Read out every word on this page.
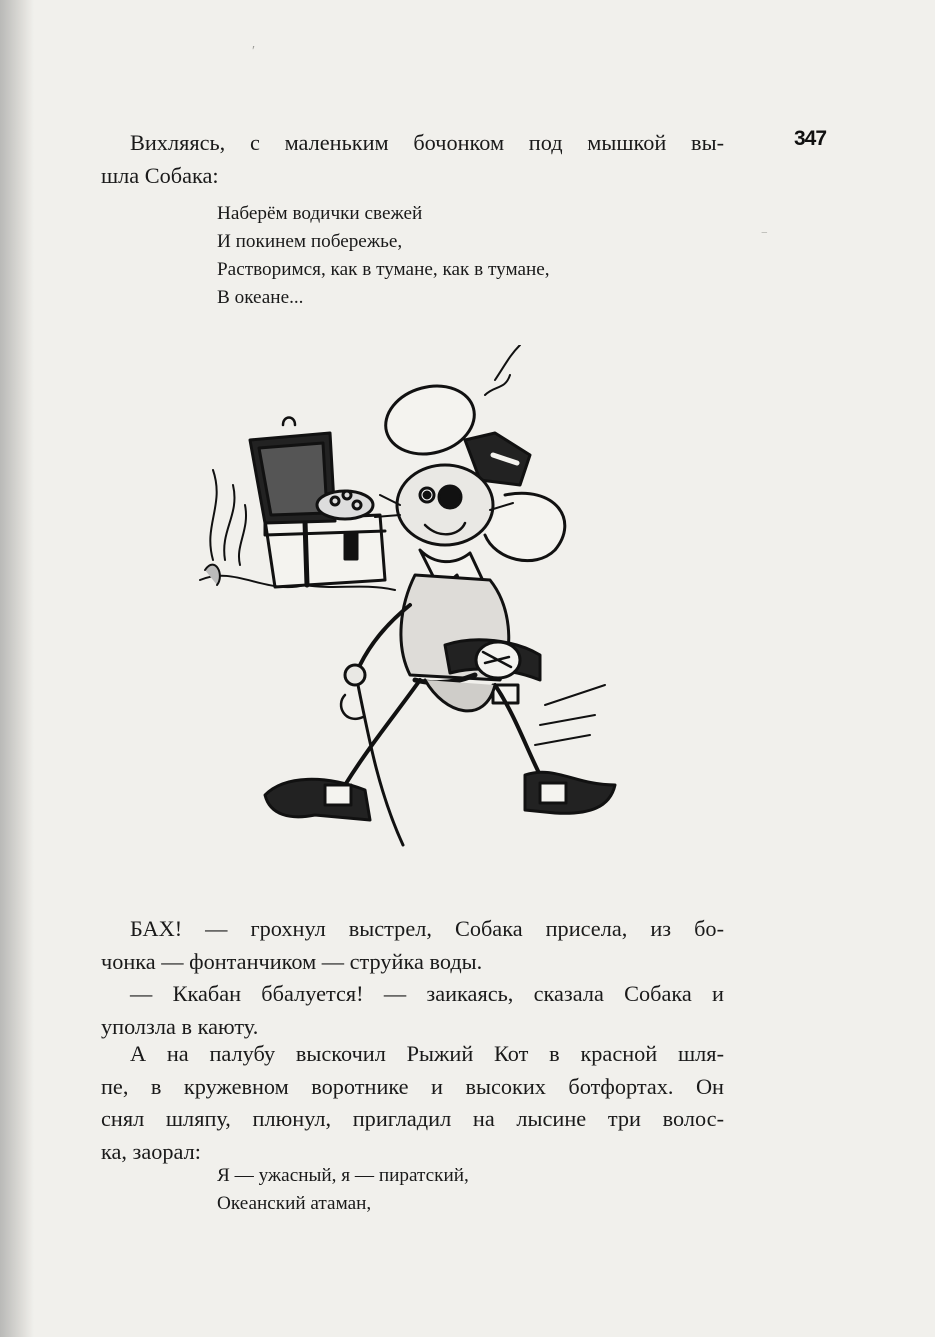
′
‾
347

Вихляясь, с маленьким бочонком под мышкой вы-
шла Собака:

Наберём водички свежей
И покинем побережье,
Растворимся, как в тумане, как в тумане,
В океане...

БАХ! — грохнул выстрел, Собака присела, из бо-
чонка — фонтанчиком — струйка воды.

— Ккабан ббалуется! — заикаясь, сказала Собака и
уползла в каюту.

А на палубу выскочил Рыжий Кот в красной шля-
пе, в кружевном воротнике и высоких ботфортах. Он
снял шляпу, плюнул, пригладил на лысине три волос-
ка, заорал:

Я — ужасный, я — пиратский,
Океанский атаман,
